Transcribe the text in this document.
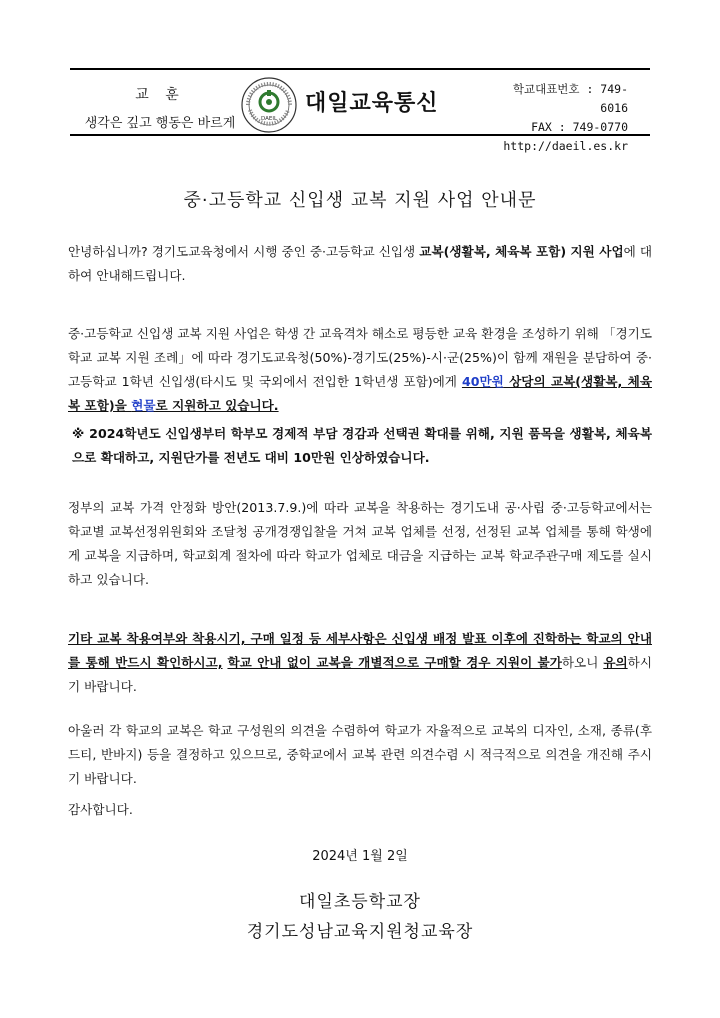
교 훈
생각은 깊고 행동은 바르게	DAEIL
대일교육통신
학교대표번호 : 749-6016
FAX : 749-0770
http://daeil.es.kr
중·고등학교 신입생 교복 지원 사업 안내문
안녕하십니까? 경기도교육청에서 시행 중인 중·고등학교 신입생 교복(생활복, 체육복 포함) 지원 사업에 대하여 안내해드립니다.
중·고등학교 신입생 교복 지원 사업은 학생 간 교육격차 해소로 평등한 교육 환경을 조성하기 위해 「경기도 학교 교복 지원 조례」에 따라 경기도교육청(50%)-경기도(25%)-시·군(25%)이 함께 재원을 분담하여 중·고등학교 1학년 신입생(타시도 및 국외에서 전입한 1학년생 포함)에게 40만원 상당의 교복(생활복, 체육복 포함)을 현물로 지원하고 있습니다.
※ 2024학년도 신입생부터 학부모 경제적 부담 경감과 선택권 확대를 위해, 지원 품목을 생활복, 체육복으로 확대하고, 지원단가를 전년도 대비 10만원 인상하였습니다.
정부의 교복 가격 안정화 방안(2013.7.9.)에 따라 교복을 착용하는 경기도내 공·사립 중·고등학교에서는 학교별 교복선정위원회와 조달청 공개경쟁입찰을 거쳐 교복 업체를 선정, 선정된 교복 업체를 통해 학생에게 교복을 지급하며, 학교회계 절차에 따라 학교가 업체로 대금을 지급하는 교복 학교주관구매 제도를 실시하고 있습니다.
기타 교복 착용여부와 착용시기, 구매 일정 등 세부사항은 신입생 배정 발표 이후에 진학하는 학교의 안내를 통해 반드시 확인하시고, 학교 안내 없이 교복을 개별적으로 구매할 경우 지원이 불가하오니 유의하시기 바랍니다.
아울러 각 학교의 교복은 학교 구성원의 의견을 수렴하여 학교가 자율적으로 교복의 디자인, 소재, 종류(후드티, 반바지) 등을 결정하고 있으므로, 중학교에서 교복 관련 의견수렴 시 적극적으로 의견을 개진해 주시기 바랍니다.
감사합니다.
2024년 1월 2일
대일초등학교장
경기도성남교육지원청교육장
